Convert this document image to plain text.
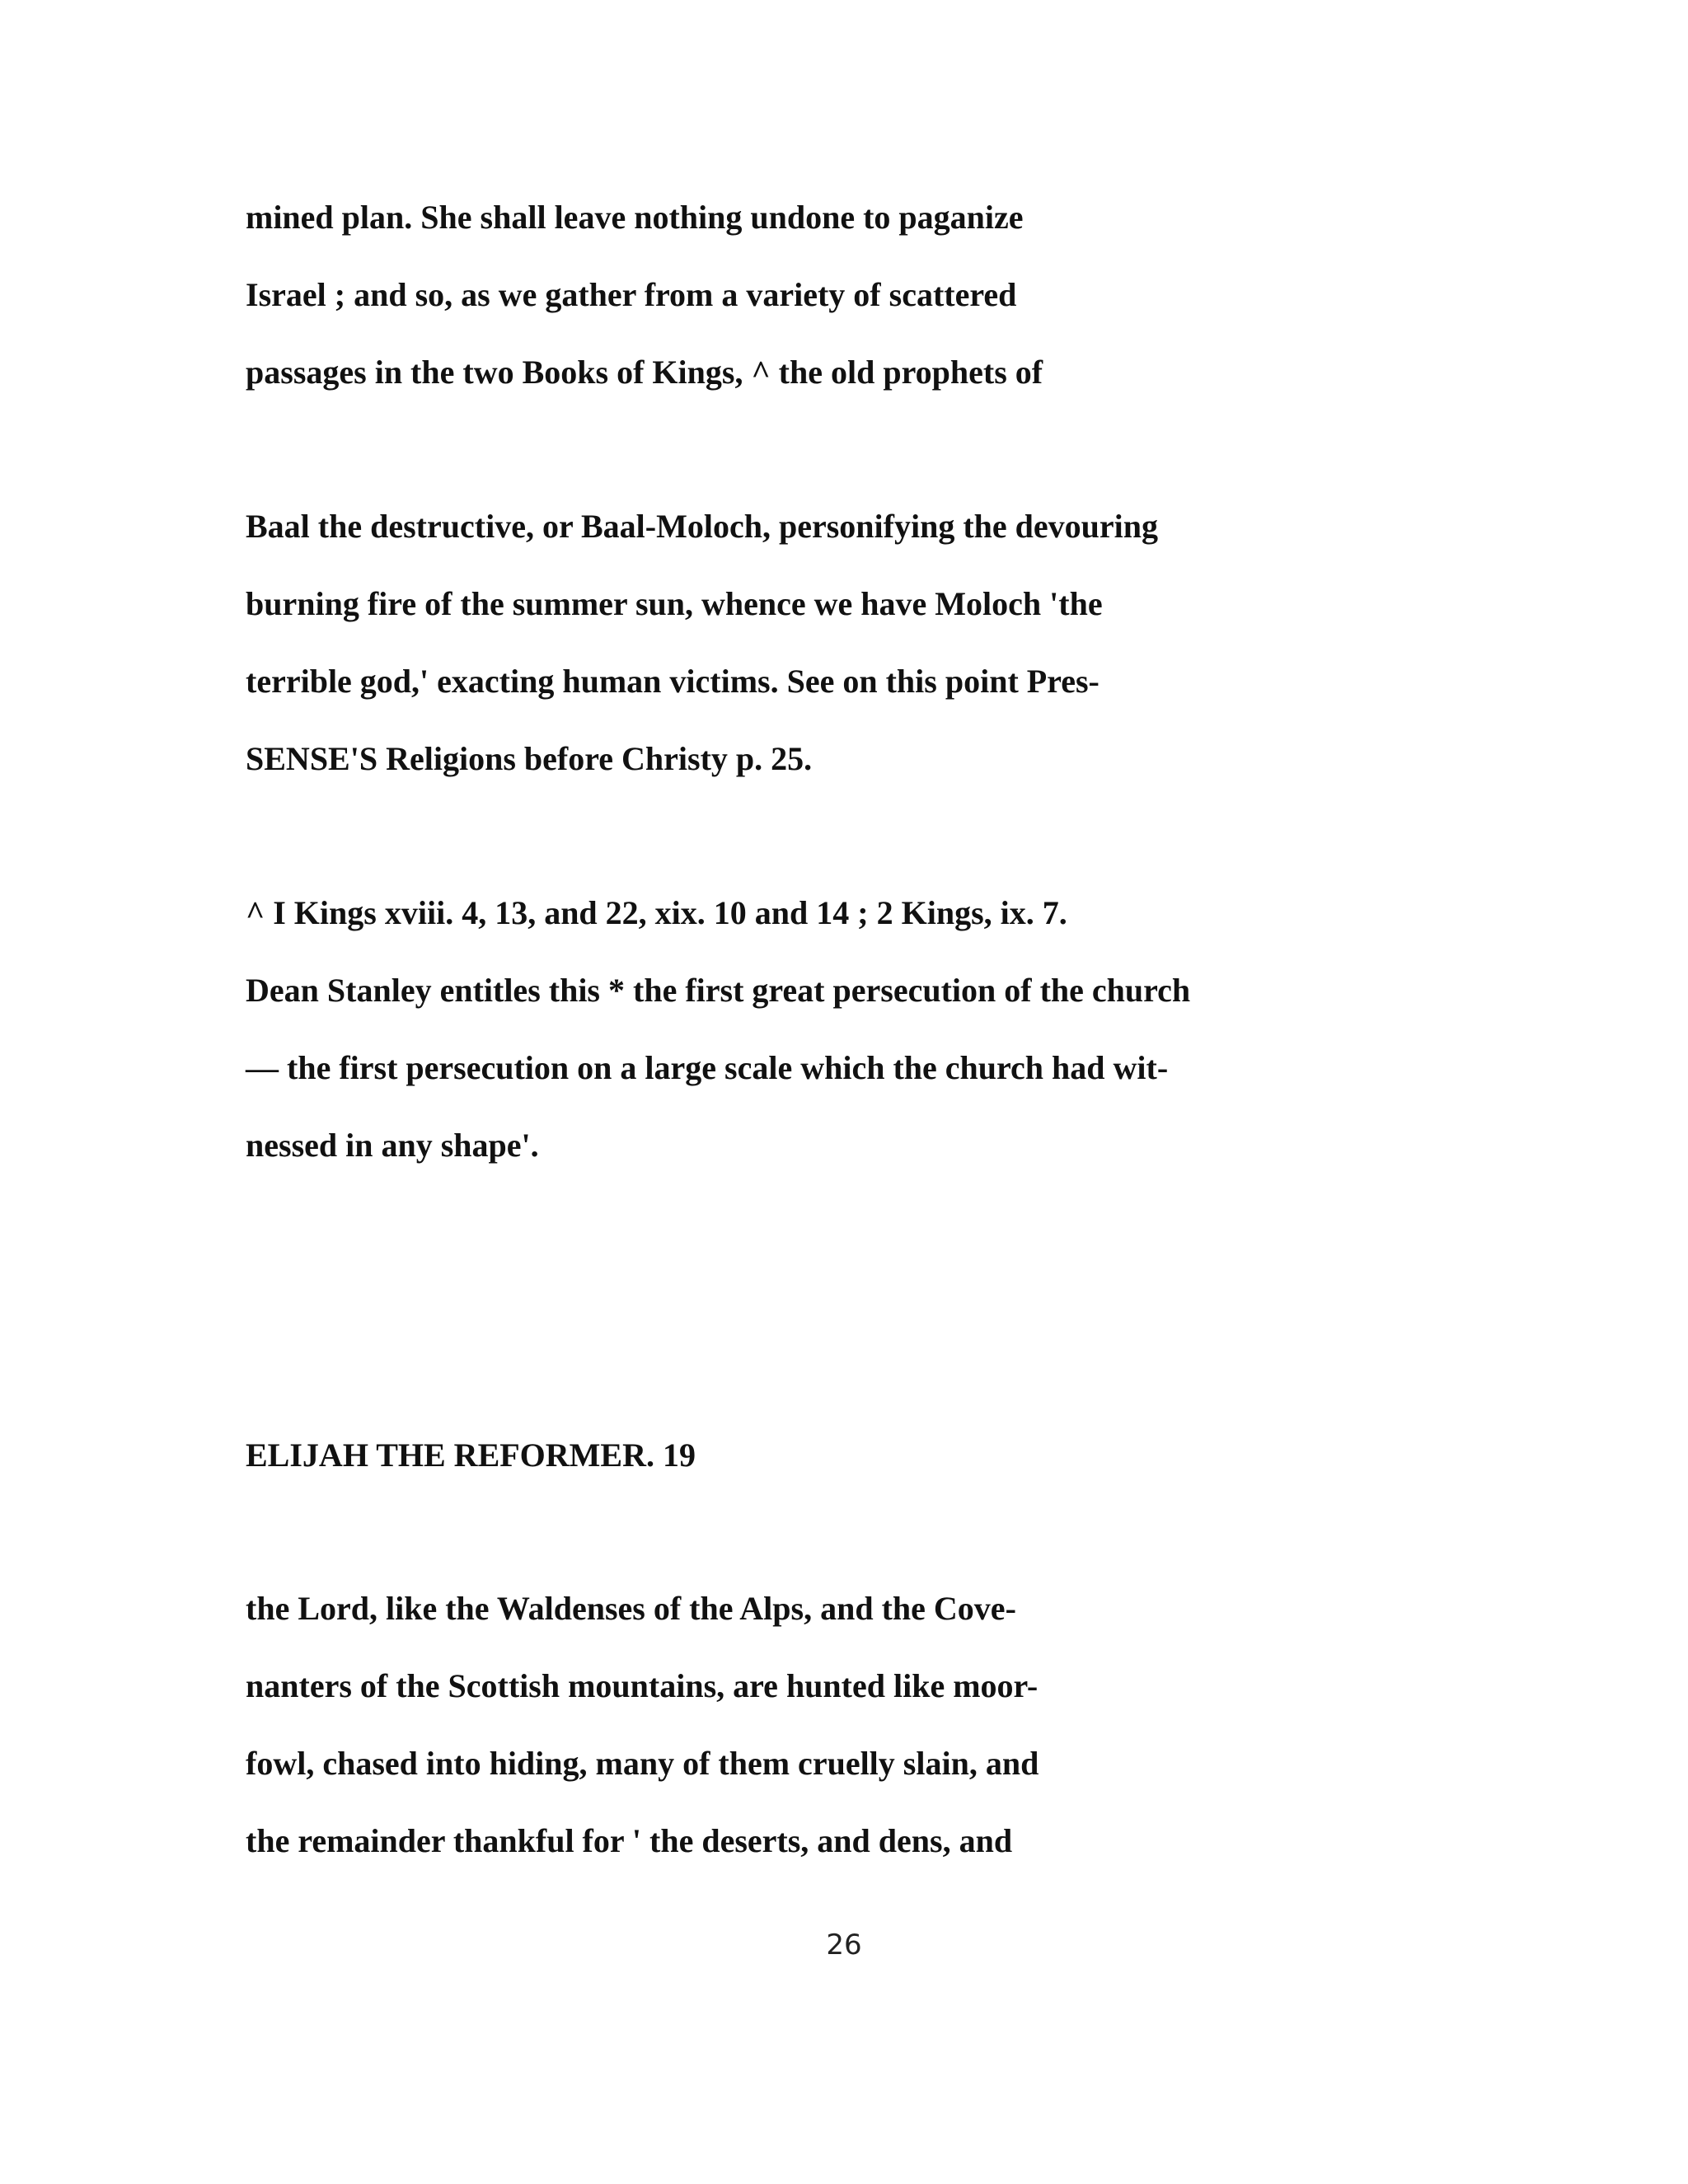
mined plan. She shall leave nothing undone to paganize

Israel ; and so, as we gather from a variety of scattered

passages in the two Books of Kings, ^ the old prophets of

Baal the destructive, or Baal-Moloch, personifying the devouring

burning fire of the summer sun, whence we have Moloch 'the

terrible god,' exacting human victims. See on this point Pres-

SENSE'S Religions before Christy p. 25.

^ I Kings xviii. 4, 13, and 22, xix. 10 and 14 ; 2 Kings, ix. 7.

Dean Stanley entitles this * the first great persecution of the church

— the first persecution on a large scale which the church had wit-

nessed in any shape'.

ELIJAH THE REFORMER. 19

the Lord, like the Waldenses of the Alps, and the Cove-

nanters of the Scottish mountains, are hunted like moor-

fowl, chased into hiding, many of them cruelly slain, and

the remainder thankful for ' the deserts, and dens, and

26
